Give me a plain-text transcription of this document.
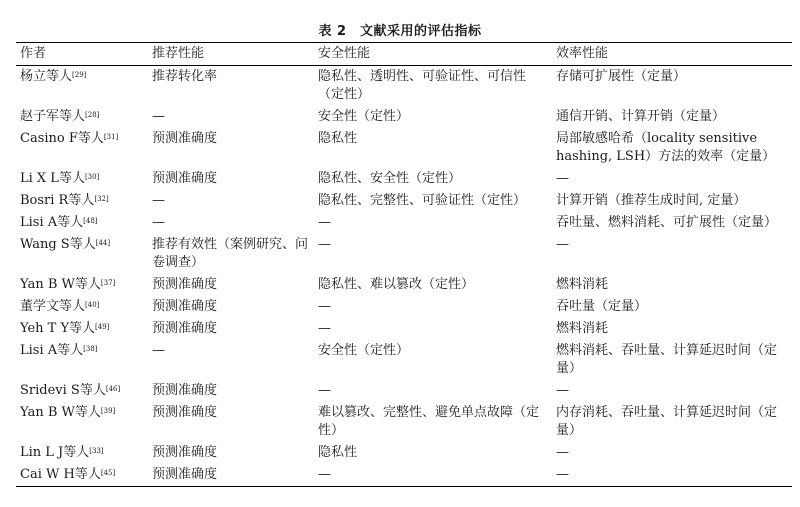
表 2　文献采用的评估指标
作者	推荐性能	安全性能	效率性能
杨立等人[29]	推荐转化率	隐私性、透明性、可验证性、可信性（定性）	存储可扩展性（定量）
赵子军等人[28]	—	安全性（定性）	通信开销、计算开销（定量）
Casino F等人[31]	预测准确度	隐私性	局部敏感哈希（locality sensitive hashing, LSH）方法的效率（定量）
Li X L等人[30]	预测准确度	隐私性、安全性（定性）	—
Bosri R等人[32]	—	隐私性、完整性、可验证性（定性）	计算开销（推荐生成时间, 定量）
Lisi A等人[48]	—	—	吞吐量、燃料消耗、可扩展性（定量）
Wang S等人[44]	推荐有效性（案例研究、问卷调查）	—	—
Yan B W等人[37]	预测准确度	隐私性、难以篡改（定性）	燃料消耗
董学文等人[40]	预测准确度	—	吞吐量（定量）
Yeh T Y等人[49]	预测准确度	—	燃料消耗
Lisi A等人[38]	—	安全性（定性）	燃料消耗、吞吐量、计算延迟时间（定量）
Sridevi S等人[46]	预测准确度	—	—
Yan B W等人[39]	预测准确度	难以篡改、完整性、避免单点故障（定性）	内存消耗、吞吐量、计算延迟时间（定量）
Lin L J等人[33]	预测准确度	隐私性	—
Cai W H等人[45]	预测准确度	—	—
